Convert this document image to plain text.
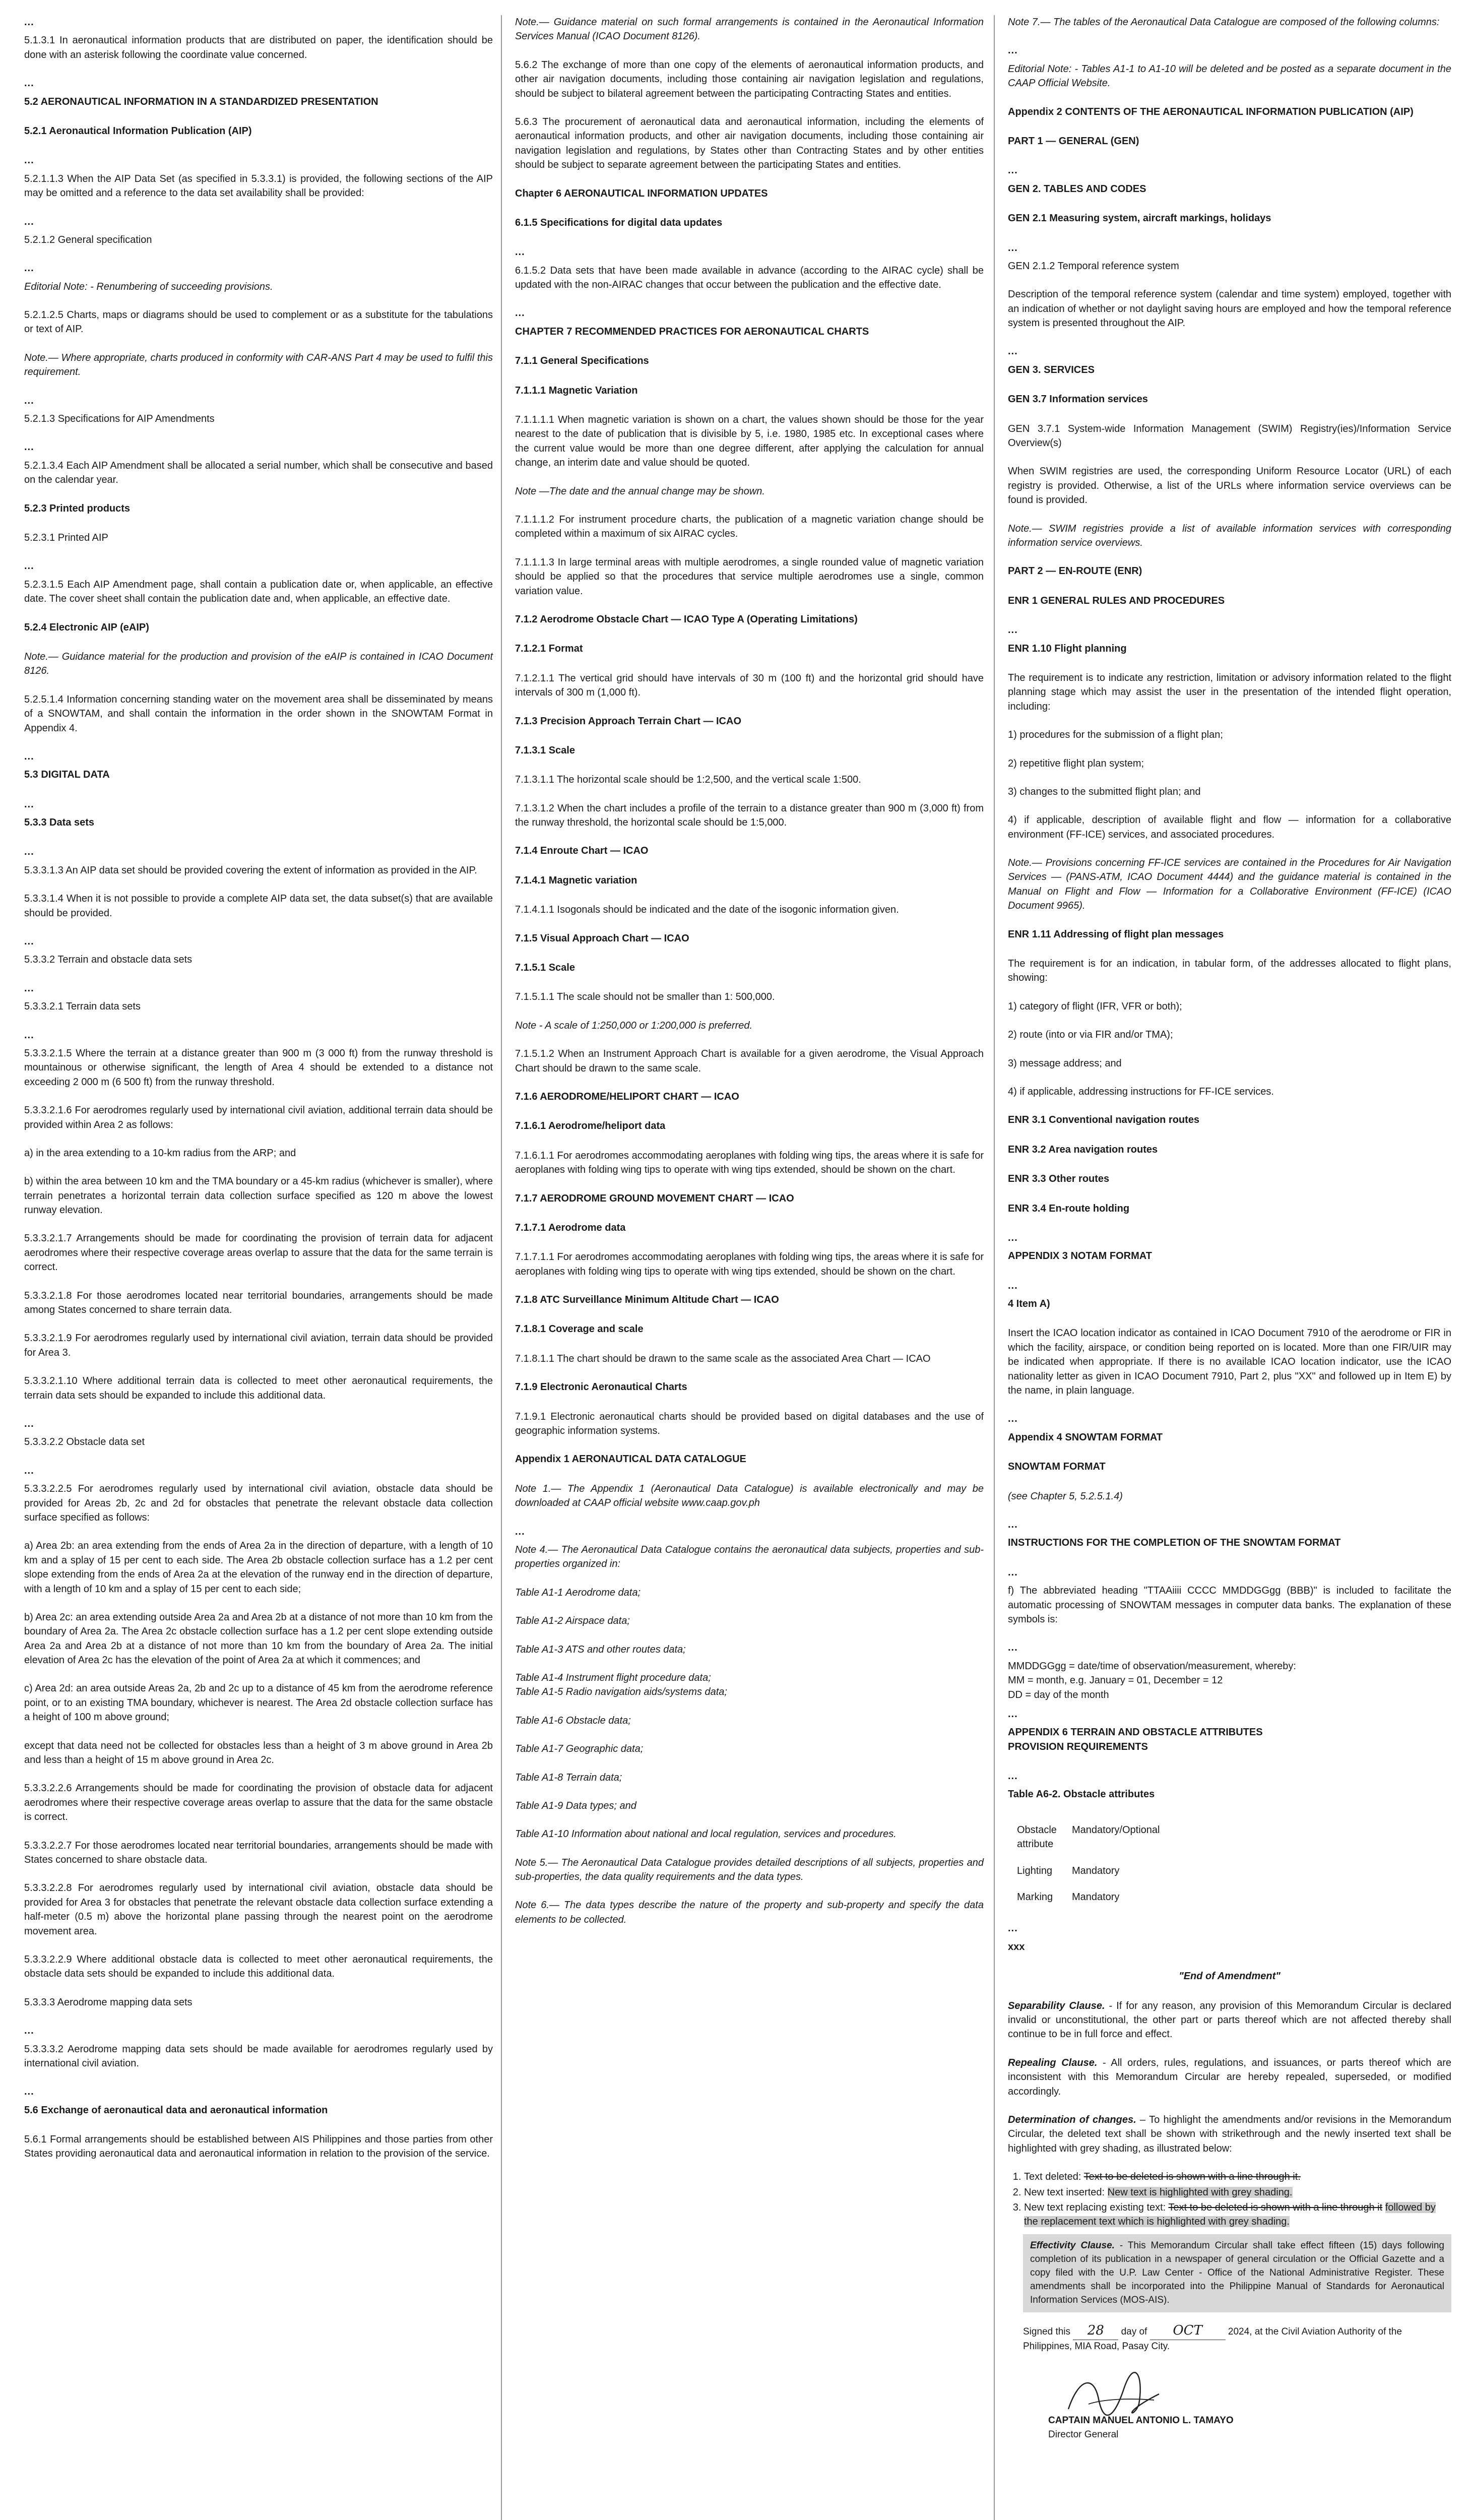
...
5.1.3.1 In aeronautical information products that are distributed on paper, the identification should be done with an asterisk following the coordinate value concerned.
...
5.2 AERONAUTICAL INFORMATION IN A STANDARDIZED PRESENTATION
5.2.1 Aeronautical Information Publication (AIP)
...
5.2.1.1.3 When the AIP Data Set (as specified in 5.3.3.1) is provided, the following sections of the AIP may be omitted and a reference to the data set availability shall be provided:
...
5.2.1.2 General specification
...
Editorial Note: - Renumbering of succeeding provisions.
5.2.1.2.5 Charts, maps or diagrams should be used to complement or as a substitute for the tabulations or text of AIP.
Note.— Where appropriate, charts produced in conformity with CAR-ANS Part 4 may be used to fulfil this requirement.
...
5.2.1.3 Specifications for AIP Amendments
...
5.2.1.3.4 Each AIP Amendment shall be allocated a serial number, which shall be consecutive and based on the calendar year.
5.2.3 Printed products
5.2.3.1 Printed AIP
...
5.2.3.1.5 Each AIP Amendment page, shall contain a publication date or, when applicable, an effective date. The cover sheet shall contain the publication date and, when applicable, an effective date.
5.2.4 Electronic AIP (eAIP)
Note.— Guidance material for the production and provision of the eAIP is contained in ICAO Document 8126.
5.2.5.1.4 Information concerning standing water on the movement area shall be disseminated by means of a SNOWTAM, and shall contain the information in the order shown in the SNOWTAM Format in Appendix 4.
...
5.3 DIGITAL DATA
...
5.3.3 Data sets
...
5.3.3.1.3 An AIP data set should be provided covering the extent of information as provided in the AIP.
5.3.3.1.4 When it is not possible to provide a complete AIP data set, the data subset(s) that are available should be provided.
...
5.3.3.2 Terrain and obstacle data sets
...
5.3.3.2.1 Terrain data sets
...
5.3.3.2.1.5 Where the terrain at a distance greater than 900 m (3 000 ft) from the runway threshold is mountainous or otherwise significant, the length of Area 4 should be extended to a distance not exceeding 2 000 m (6 500 ft) from the runway threshold.
5.3.3.2.1.6 For aerodromes regularly used by international civil aviation, additional terrain data should be provided within Area 2 as follows:
a) in the area extending to a 10-km radius from the ARP; and
b) within the area between 10 km and the TMA boundary or a 45-km radius (whichever is smaller), where terrain penetrates a horizontal terrain data collection surface specified as 120 m above the lowest runway elevation.
5.3.3.2.1.7 Arrangements should be made for coordinating the provision of terrain data for adjacent aerodromes where their respective coverage areas overlap to assure that the data for the same terrain is correct.
5.3.3.2.1.8 For those aerodromes located near territorial boundaries, arrangements should be made among States concerned to share terrain data.
5.3.3.2.1.9 For aerodromes regularly used by international civil aviation, terrain data should be provided for Area 3.
5.3.3.2.1.10 Where additional terrain data is collected to meet other aeronautical requirements, the terrain data sets should be expanded to include this additional data.
...
5.3.3.2.2 Obstacle data set
...
5.3.3.2.2.5 For aerodromes regularly used by international civil aviation, obstacle data should be provided for Areas 2b, 2c and 2d for obstacles that penetrate the relevant obstacle data collection surface specified as follows:
a) Area 2b: an area extending from the ends of Area 2a in the direction of departure, with a length of 10 km and a splay of 15 per cent to each side. The Area 2b obstacle collection surface has a 1.2 per cent slope extending from the ends of Area 2a at the elevation of the runway end in the direction of departure, with a length of 10 km and a splay of 15 per cent to each side;
b) Area 2c: an area extending outside Area 2a and Area 2b at a distance of not more than 10 km from the boundary of Area 2a. The Area 2c obstacle collection surface has a 1.2 per cent slope extending outside Area 2a and Area 2b at a distance of not more than 10 km from the boundary of Area 2a. The initial elevation of Area 2c has the elevation of the point of Area 2a at which it commences; and
c) Area 2d: an area outside Areas 2a, 2b and 2c up to a distance of 45 km from the aerodrome reference point, or to an existing TMA boundary, whichever is nearest. The Area 2d obstacle collection surface has a height of 100 m above ground;
except that data need not be collected for obstacles less than a height of 3 m above ground in Area 2b and less than a height of 15 m above ground in Area 2c.
5.3.3.2.2.6 Arrangements should be made for coordinating the provision of obstacle data for adjacent aerodromes where their respective coverage areas overlap to assure that the data for the same obstacle is correct.
5.3.3.2.2.7 For those aerodromes located near territorial boundaries, arrangements should be made with States concerned to share obstacle data.
5.3.3.2.2.8 For aerodromes regularly used by international civil aviation, obstacle data should be provided for Area 3 for obstacles that penetrate the relevant obstacle data collection surface extending a half-meter (0.5 m) above the horizontal plane passing through the nearest point on the aerodrome movement area.
5.3.3.2.2.9 Where additional obstacle data is collected to meet other aeronautical requirements, the obstacle data sets should be expanded to include this additional data.
5.3.3.3 Aerodrome mapping data sets
...
5.3.3.3.2 Aerodrome mapping data sets should be made available for aerodromes regularly used by international civil aviation.
...
5.6 Exchange of aeronautical data and aeronautical information
5.6.1 Formal arrangements should be established between AIS Philippines and those parties from other States providing aeronautical data and aeronautical information in relation to the provision of the service.
Note.— Guidance material on such formal arrangements is contained in the Aeronautical Information Services Manual (ICAO Document 8126).
5.6.2 The exchange of more than one copy of the elements of aeronautical information products, and other air navigation documents, including those containing air navigation legislation and regulations, should be subject to bilateral agreement between the participating Contracting States and entities.
5.6.3 The procurement of aeronautical data and aeronautical information, including the elements of aeronautical information products, and other air navigation documents, including those containing air navigation legislation and regulations, by States other than Contracting States and by other entities should be subject to separate agreement between the participating States and entities.
Chapter 6 AERONAUTICAL INFORMATION UPDATES
6.1.5 Specifications for digital data updates
...
6.1.5.2 Data sets that have been made available in advance (according to the AIRAC cycle) shall be updated with the non-AIRAC changes that occur between the publication and the effective date.
...
CHAPTER 7 RECOMMENDED PRACTICES FOR AERONAUTICAL CHARTS
7.1.1 General Specifications
7.1.1.1 Magnetic Variation
7.1.1.1.1 When magnetic variation is shown on a chart, the values shown should be those for the year nearest to the date of publication that is divisible by 5, i.e. 1980, 1985 etc. In exceptional cases where the current value would be more than one degree different, after applying the calculation for annual change, an interim date and value should be quoted.
Note —The date and the annual change may be shown.
7.1.1.1.2 For instrument procedure charts, the publication of a magnetic variation change should be completed within a maximum of six AIRAC cycles.
7.1.1.1.3 In large terminal areas with multiple aerodromes, a single rounded value of magnetic variation should be applied so that the procedures that service multiple aerodromes use a single, common variation value.
7.1.2 Aerodrome Obstacle Chart — ICAO Type A (Operating Limitations)
7.1.2.1 Format
7.1.2.1.1 The vertical grid should have intervals of 30 m (100 ft) and the horizontal grid should have intervals of 300 m (1,000 ft).
7.1.3 Precision Approach Terrain Chart — ICAO
7.1.3.1 Scale
7.1.3.1.1 The horizontal scale should be 1:2,500, and the vertical scale 1:500.
7.1.3.1.2 When the chart includes a profile of the terrain to a distance greater than 900 m (3,000 ft) from the runway threshold, the horizontal scale should be 1:5,000.
7.1.4 Enroute Chart — ICAO
7.1.4.1 Magnetic variation
7.1.4.1.1 Isogonals should be indicated and the date of the isogonic information given.
7.1.5 Visual Approach Chart — ICAO
7.1.5.1 Scale
7.1.5.1.1 The scale should not be smaller than 1: 500,000.
Note - A scale of 1:250,000 or 1:200,000 is preferred.
7.1.5.1.2 When an Instrument Approach Chart is available for a given aerodrome, the Visual Approach Chart should be drawn to the same scale.
7.1.6 AERODROME/HELIPORT CHART — ICAO
7.1.6.1 Aerodrome/heliport data
7.1.6.1.1 For aerodromes accommodating aeroplanes with folding wing tips, the areas where it is safe for aeroplanes with folding wing tips to operate with wing tips extended, should be shown on the chart.
7.1.7 AERODROME GROUND MOVEMENT CHART — ICAO
7.1.7.1 Aerodrome data
7.1.7.1.1 For aerodromes accommodating aeroplanes with folding wing tips, the areas where it is safe for aeroplanes with folding wing tips to operate with wing tips extended, should be shown on the chart.
7.1.8 ATC Surveillance Minimum Altitude Chart — ICAO
7.1.8.1 Coverage and scale
7.1.8.1.1 The chart should be drawn to the same scale as the associated Area Chart — ICAO
7.1.9 Electronic Aeronautical Charts
7.1.9.1 Electronic aeronautical charts should be provided based on digital databases and the use of geographic information systems.
Appendix 1 AERONAUTICAL DATA CATALOGUE
Note 1.— The Appendix 1 (Aeronautical Data Catalogue) is available electronically and may be downloaded at CAAP official website www.caap.gov.ph
...
Note 4.— The Aeronautical Data Catalogue contains the aeronautical data subjects, properties and sub-properties organized in:
Table A1-1 Aerodrome data;
Table A1-2 Airspace data;
Table A1-3 ATS and other routes data;
Table A1-4 Instrument flight procedure data;
Table A1-5 Radio navigation aids/systems data;
Table A1-6 Obstacle data;
Table A1-7 Geographic data;
Table A1-8 Terrain data;
Table A1-9 Data types; and
Table A1-10 Information about national and local regulation, services and procedures.
Note 5.— The Aeronautical Data Catalogue provides detailed descriptions of all subjects, properties and sub-properties, the data quality requirements and the data types.
Note 6.— The data types describe the nature of the property and sub-property and specify the data elements to be collected.
Note 7.— The tables of the Aeronautical Data Catalogue are composed of the following columns:
...
Editorial Note: - Tables A1-1 to A1-10 will be deleted and be posted as a separate document in the CAAP Official Website.
Appendix 2 CONTENTS OF THE AERONAUTICAL INFORMATION PUBLICATION (AIP)
PART 1 — GENERAL (GEN)
...
GEN 2. TABLES AND CODES
GEN 2.1 Measuring system, aircraft markings, holidays
...
GEN 2.1.2 Temporal reference system
Description of the temporal reference system (calendar and time system) employed, together with an indication of whether or not daylight saving hours are employed and how the temporal reference system is presented throughout the AIP.
...
GEN 3. SERVICES
GEN 3.7 Information services
GEN 3.7.1 System-wide Information Management (SWIM) Registry(ies)/Information Service Overview(s)
When SWIM registries are used, the corresponding Uniform Resource Locator (URL) of each registry is provided. Otherwise, a list of the URLs where information service overviews can be found is provided.
Note.— SWIM registries provide a list of available information services with corresponding information service overviews.
PART 2 — EN-ROUTE (ENR)
ENR 1 GENERAL RULES AND PROCEDURES
...
ENR 1.10 Flight planning
The requirement is to indicate any restriction, limitation or advisory information related to the flight planning stage which may assist the user in the presentation of the intended flight operation, including:
1) procedures for the submission of a flight plan;
2) repetitive flight plan system;
3) changes to the submitted flight plan; and
4) if applicable, description of available flight and flow — information for a collaborative environment (FF-ICE) services, and associated procedures.
Note.— Provisions concerning FF-ICE services are contained in the Procedures for Air Navigation Services — (PANS-ATM, ICAO Document 4444) and the guidance material is contained in the Manual on Flight and Flow — Information for a Collaborative Environment (FF-ICE) (ICAO Document 9965).
ENR 1.11 Addressing of flight plan messages
The requirement is for an indication, in tabular form, of the addresses allocated to flight plans, showing:
1) category of flight (IFR, VFR or both);
2) route (into or via FIR and/or TMA);
3) message address; and
4) if applicable, addressing instructions for FF-ICE services.
ENR 3.1 Conventional navigation routes
ENR 3.2 Area navigation routes
ENR 3.3 Other routes
ENR 3.4 En-route holding
...
APPENDIX 3 NOTAM FORMAT
...
4 Item A)
Insert the ICAO location indicator as contained in ICAO Document 7910 of the aerodrome or FIR in which the facility, airspace, or condition being reported on is located. More than one FIR/UIR may be indicated when appropriate. If there is no available ICAO location indicator, use the ICAO nationality letter as given in ICAO Document 7910, Part 2, plus "XX" and followed up in Item E) by the name, in plain language.
...
Appendix 4 SNOWTAM FORMAT
SNOWTAM FORMAT
(see Chapter 5, 5.2.5.1.4)
...
INSTRUCTIONS FOR THE COMPLETION OF THE SNOWTAM FORMAT
...
f) The abbreviated heading "TTAAiiii CCCC MMDDGGgg (BBB)" is included to facilitate the automatic processing of SNOWTAM messages in computer data banks. The explanation of these symbols is:
...
MMDDGGgg = date/time of observation/measurement, whereby:
MM = month, e.g. January = 01, December = 12
DD = day of the month
...
APPENDIX 6 TERRAIN AND OBSTACLE ATTRIBUTES
PROVISION REQUIREMENTS
...
Table A6-2. Obstacle attributes
Obstacle
attribute	Mandatory/Optional
Lighting	Mandatory
Marking	Mandatory
...
xxx

"End of Amendment"

Separability Clause. - If for any reason, any provision of this Memorandum Circular is declared invalid or unconstitutional, the other part or parts thereof which are not affected thereby shall continue to be in full force and effect.

Repealing Clause. - All orders, rules, regulations, and issuances, or parts thereof which are inconsistent with this Memorandum Circular are hereby repealed, superseded, or modified accordingly.

Determination of changes. – To highlight the amendments and/or revisions in the Memorandum Circular, the deleted text shall be shown with strikethrough and the newly inserted text shall be highlighted with grey shading, as illustrated below:

1. Text deleted: Text to be deleted is shown with a line through it.
2. New text inserted: New text is highlighted with grey shading.
3. New text replacing existing text: Text to be deleted is shown with a line through it followed by the replacement text which is highlighted with grey shading.
Effectivity Clause. - This Memorandum Circular shall take effect fifteen (15) days following completion of its publication in a newspaper of general circulation or the Official Gazette and a copy filed with the U.P. Law Center - Office of the National Administrative Register. These amendments shall be incorporated into the Philippine Manual of Standards for Aeronautical Information Services (MOS-AIS).

Signed this 28 day of OCT	2024, at the Civil Aviation Authority of the Philippines, MIA Road, Pasay City.

CAPTAIN MANUEL ANTONIO L. TAMAYO
Director General
